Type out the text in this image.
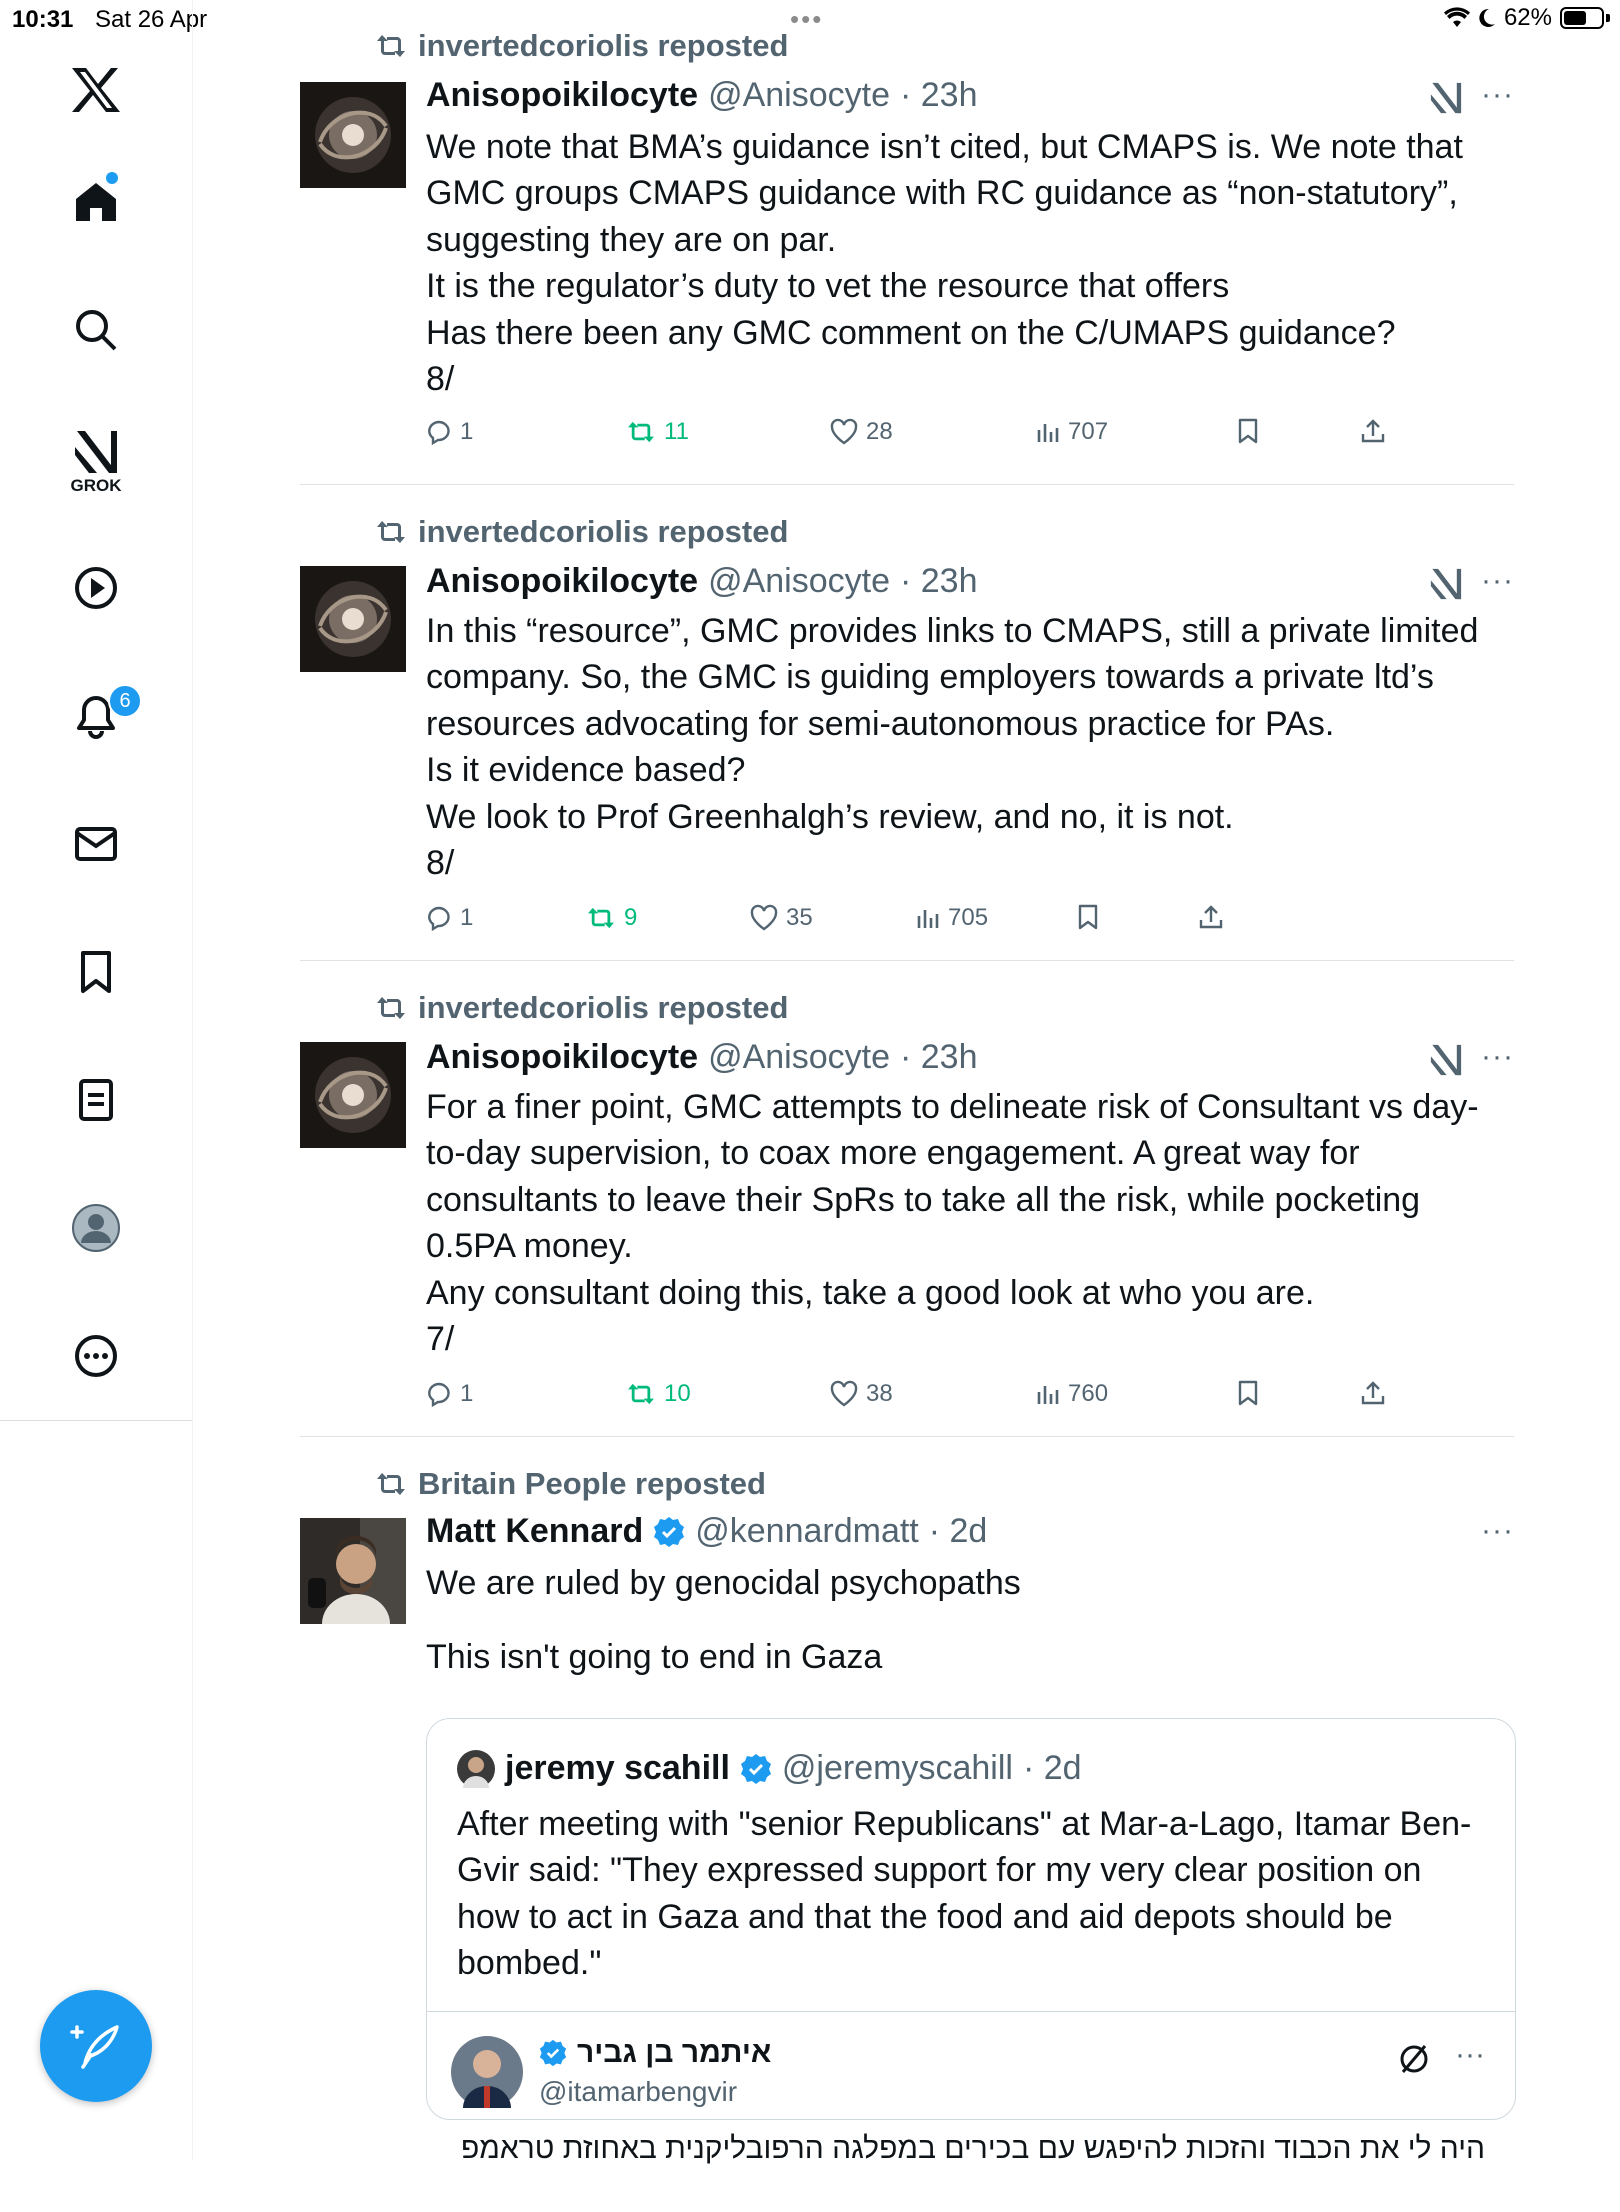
10:31 Sat 26 Apr	•••	62%
GROK
6
invertedcoriolis reposted
Anisopoikilocyte @Anisocyte · 23h	···
We note that BMA’s guidance isn’t cited, but CMAPS is. We note that
GMC groups CMAPS guidance with RC guidance as “non-statutory”,
suggesting they are on par.
It is the regulator’s duty to vet the resource that offers
Has there been any GMC comment on the C/UMAPS guidance?
8/
1	11	28	707
invertedcoriolis reposted
Anisopoikilocyte @Anisocyte · 23h	···
In this “resource”, GMC provides links to CMAPS, still a private limited
company. So, the GMC is guiding employers towards a private ltd’s
resources advocating for semi-autonomous practice for PAs.
Is it evidence based?
We look to Prof Greenhalgh’s review, and no, it is not.
8/
1	9	35	705
invertedcoriolis reposted
Anisopoikilocyte @Anisocyte · 23h	···
For a finer point, GMC attempts to delineate risk of Consultant vs day-
to-day supervision, to coax more engagement. A great way for
consultants to leave their SpRs to take all the risk, while pocketing
0.5PA money.
Any consultant doing this, take a good look at who you are.
7/
1	10	38	760
Britain People reposted
Matt Kennard @kennardmatt · 2d	···
We are ruled by genocidal psychopaths
This isn't going to end in Gaza
jeremy scahill @jeremyscahill · 2d
After meeting with "senior Republicans" at Mar-a-Lago, Itamar Ben-
Gvir said: "They expressed support for my very clear position on
how to act in Gaza and that the food and aid depots should be
bombed."
איתמר בן גביר
@itamarbengvir
···
היה לי את הכבוד והזכות להיפגש עם בכירים במפלגה הרפובליקנית באחוזת טראמפ
